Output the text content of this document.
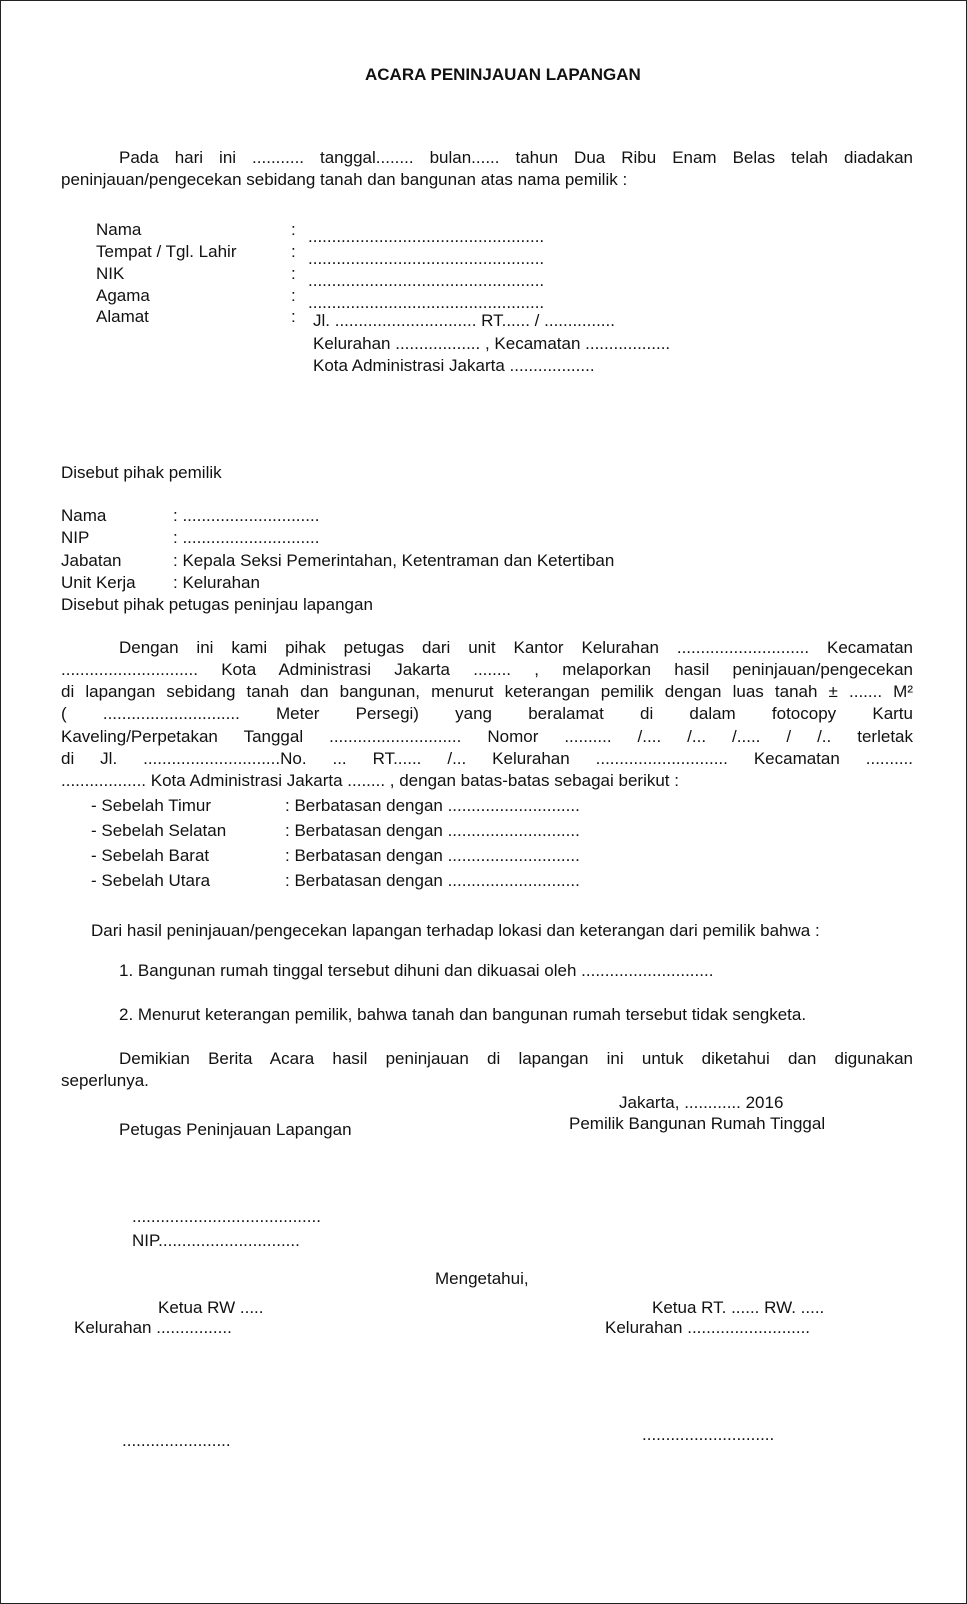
ACARA PENINJAUAN LAPANGAN
Pada hari ini ........... tanggal........ bulan...... tahun Dua Ribu Enam Belas telah diadakan
peninjauan/pengecekan sebidang tanah dan bangunan atas nama pemilik :
Nama	: ..................................................
Tempat / Tgl. Lahir	: ..................................................
NIK	: ..................................................
Agama	: ..................................................
Alamat	: Jl. .............................. RT...... / ...............
Kelurahan .................. , Kecamatan ..................
Kota Administrasi Jakarta ..................
Disebut pihak pemilik
Nama	: .............................
NIP	: .............................
Jabatan	: Kepala Seksi Pemerintahan, Ketentraman dan Ketertiban
Unit Kerja : Kelurahan
Disebut pihak petugas peninjau lapangan
Dengan ini kami pihak petugas dari unit Kantor Kelurahan ............................ Kecamatan
............................. Kota Administrasi Jakarta ........ , melaporkan hasil peninjauan/pengecekan
di lapangan sebidang tanah dan bangunan, menurut keterangan pemilik dengan luas tanah ± ....... M²
( ............................. Meter Persegi) yang beralamat di dalam fotocopy Kartu
Kaveling/Perpetakan Tanggal ............................ Nomor .......... /.... /... /..... / /.. terletak
di Jl. .............................No. ... RT...... /... Kelurahan ............................ Kecamatan ..........
.................. Kota Administrasi Jakarta ........ , dengan batas-batas sebagai berikut :
- Sebelah Timur	: Berbatasan dengan ............................
- Sebelah Selatan	: Berbatasan dengan ............................
- Sebelah Barat	: Berbatasan dengan ............................
- Sebelah Utara	: Berbatasan dengan ............................
Dari hasil peninjauan/pengecekan lapangan terhadap lokasi dan keterangan dari pemilik bahwa :
1. Bangunan rumah tinggal tersebut dihuni dan dikuasai oleh ............................
2. Menurut keterangan pemilik, bahwa tanah dan bangunan rumah tersebut tidak sengketa.
Demikian Berita Acara hasil peninjauan di lapangan ini untuk diketahui dan digunakan
seperlunya.
Jakarta, ............ 2016
Petugas Peninjauan Lapangan	Pemilik Bangunan Rumah Tinggal
........................................
NIP..............................
Mengetahui,
Ketua RW .....
Kelurahan ................
Ketua RT. ...... RW. .....
Kelurahan ..........................
.......................	............................
